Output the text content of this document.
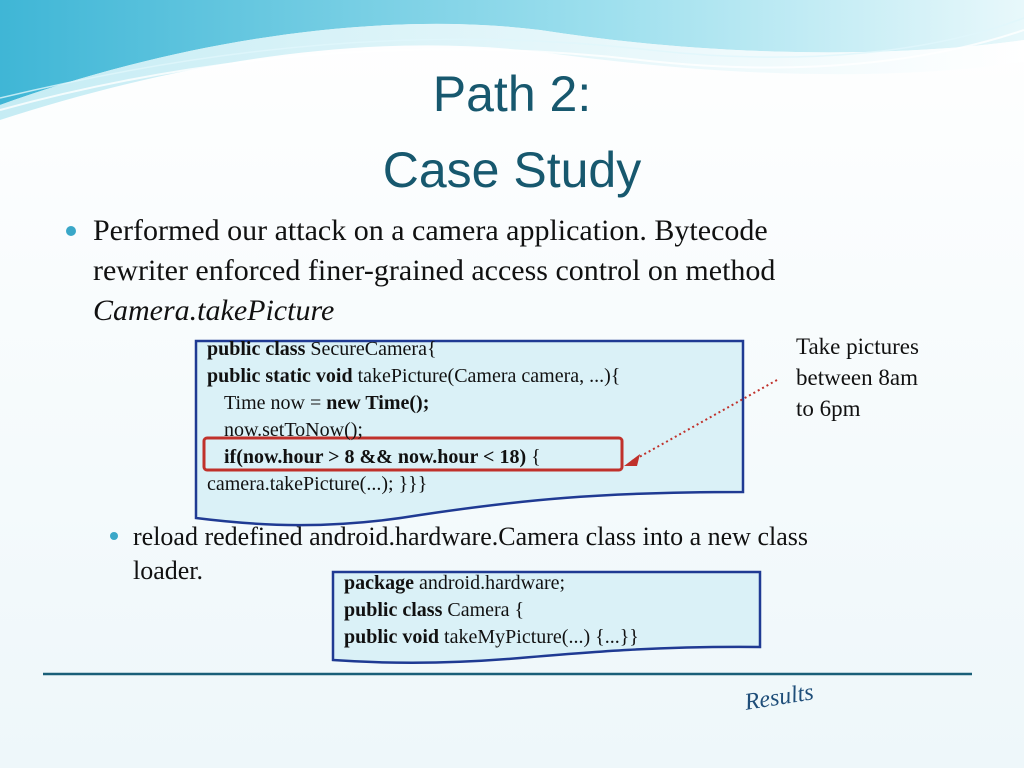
Path 2:
Case Study
Performed our attack on a camera application. Bytecode
rewriter enforced finer-grained access control on method
Camera.takePicture
public class SecureCamera{
public static void takePicture(Camera camera, ...){
Time now = new Time();
now.setToNow();
if(now.hour > 8 && now.hour < 18) {
camera.takePicture(...); }}}
Take pictures
between 8am
to 6pm
reload redefined android.hardware.Camera class into a new class
loader.	package android.hardware;
public class Camera {
public void takeMyPicture(...) {...}}
Results
